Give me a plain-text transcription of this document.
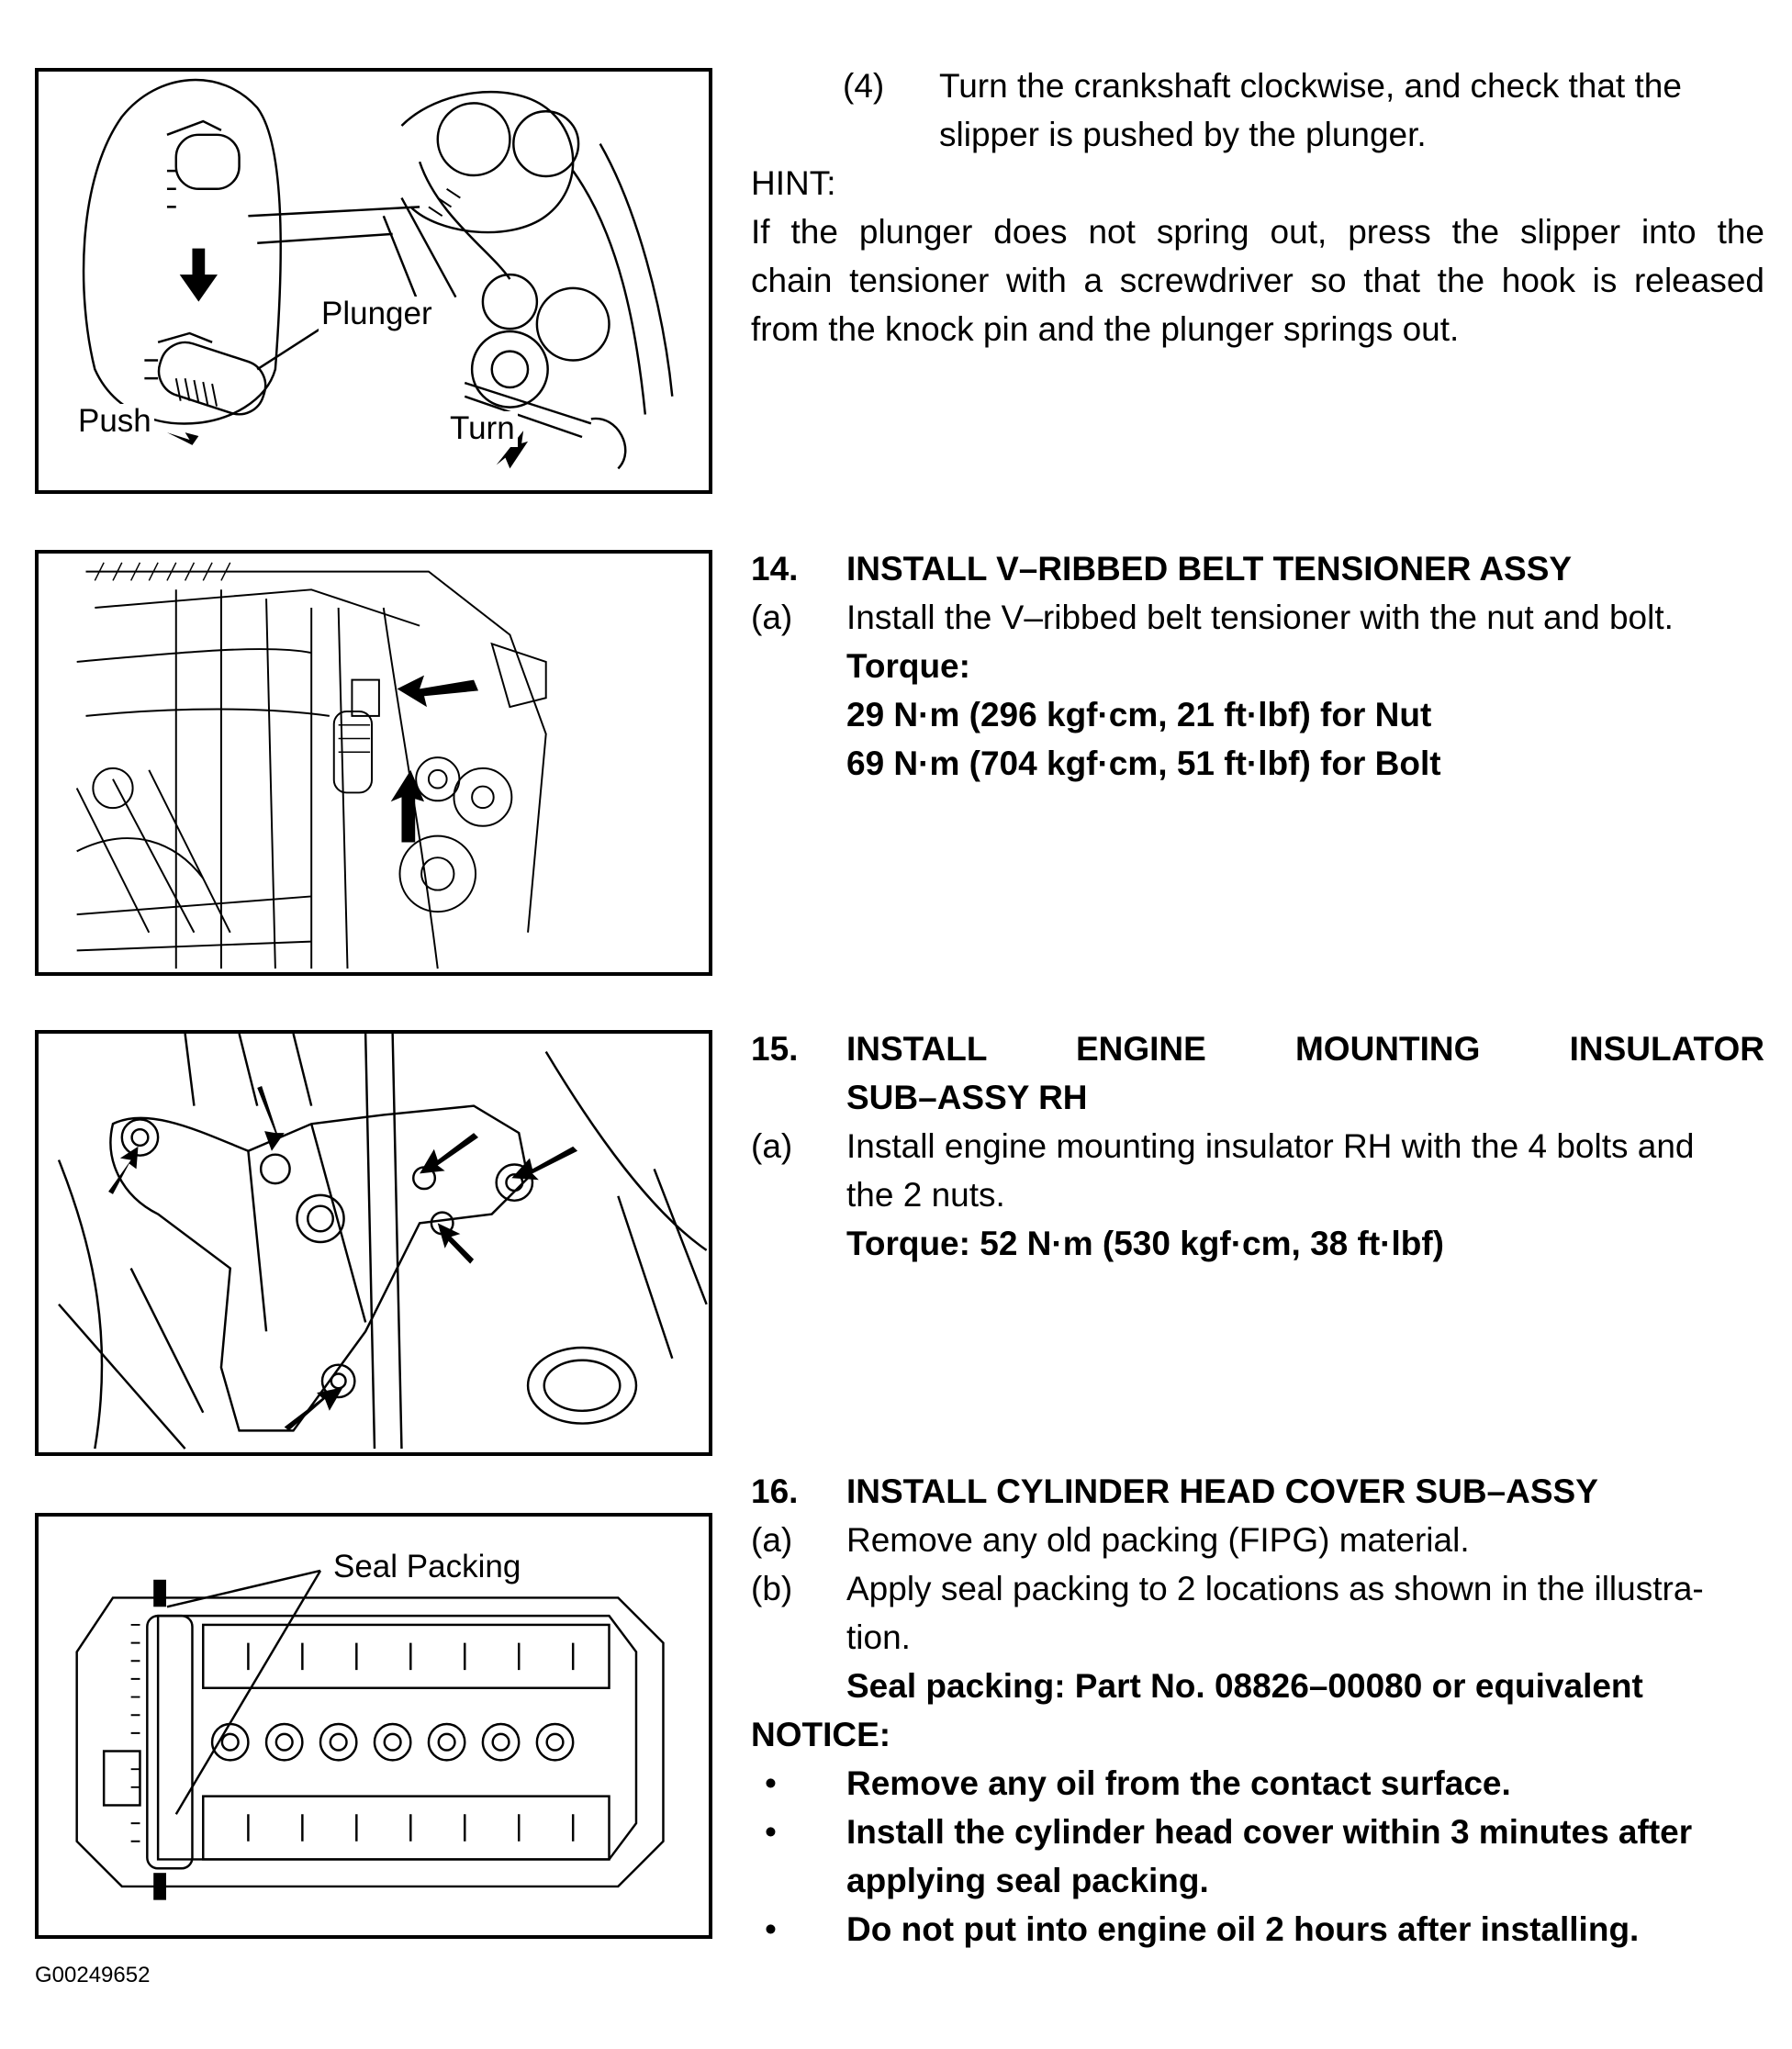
Plunger
Push	Turn
Seal Packing
(4) Turn the crankshaft clockwise, and check that the
slipper is pushed by the plunger.
HINT:
If the plunger does not spring out, press the slipper into the
chain tensioner with a screwdriver so that the hook is released
from the knock pin and the plunger springs out.
14. INSTALL V–RIBBED BELT TENSIONER ASSY
(a) Install the V–ribbed belt tensioner with the nut and bolt.
Torque:
29 N·m (296 kgf·cm, 21 ft·lbf) for Nut
69 N·m (704 kgf·cm, 51 ft·lbf) for Bolt
15. INSTALL ENGINE MOUNTING INSULATOR
SUB–ASSY RH
(a) Install engine mounting insulator RH with the 4 bolts and
the 2 nuts.
Torque: 52 N·m (530 kgf·cm, 38 ft·lbf)
16. INSTALL CYLINDER HEAD COVER SUB–ASSY
(a) Remove any old packing (FIPG) material.
(b) Apply seal packing to 2 locations as shown in the illustra-
tion.
Seal packing: Part No. 08826–00080 or equivalent
NOTICE:
• Remove any oil from the contact surface.
• Install the cylinder head cover within 3 minutes after
applying seal packing.
• Do not put into engine oil 2 hours after installing.
G00249652
